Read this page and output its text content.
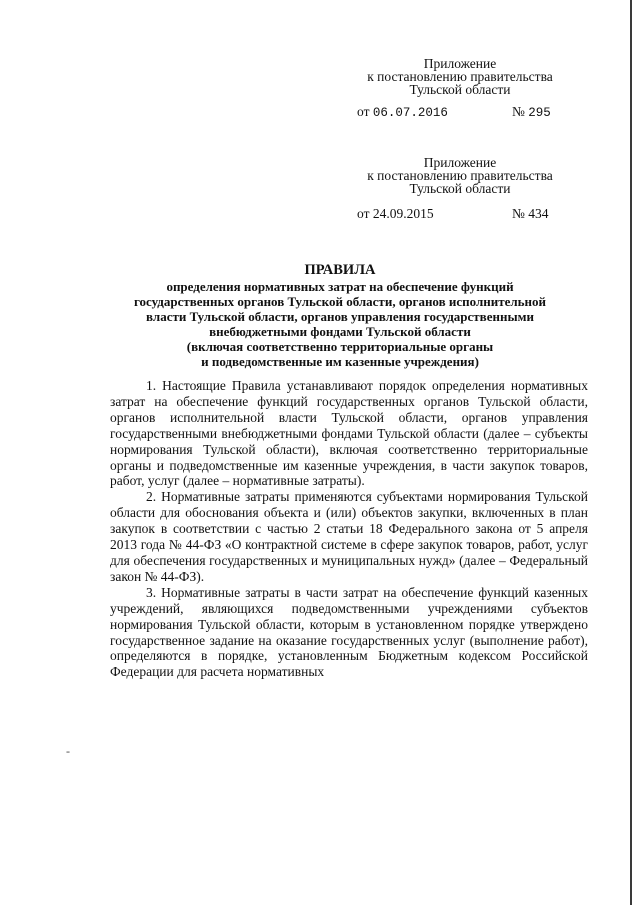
Приложение
к постановлению правительства
Тульской области
от 06.07.2016	№ 295
Приложение
к постановлению правительства
Тульской области
от 24.09.2015	№ 434
ПРАВИЛА
определения нормативных затрат на обеспечение функций
государственных органов Тульской области, органов исполнительной
власти Тульской области, органов управления государственными
внебюджетными фондами Тульской области
(включая соответственно территориальные органы
и подведомственные им казенные учреждения)

1. Настоящие Правила устанавливают порядок определения нормативных затрат на обеспечение функций государственных органов Тульской области, органов исполнительной власти Тульской области, органов управления государственными внебюджетными фондами Тульской области (далее – субъекты нормирования Тульской области), включая соответственно территориальные органы и подведомственные им казенные учреждения, в части закупок товаров, работ, услуг (далее – нормативные затраты).

2. Нормативные затраты применяются субъектами нормирования Тульской области для обоснования объекта и (или) объектов закупки, включенных в план закупок в соответствии с частью 2 статьи 18 Федерального закона от 5 апреля 2013 года № 44-ФЗ «О контрактной системе в сфере закупок товаров, работ, услуг для обеспечения государственных и муниципальных нужд» (далее – Федеральный закон № 44-ФЗ).

3. Нормативные затраты в части затрат на обеспечение функций казенных учреждений, являющихся подведомственными учреждениями субъектов нормирования Тульской области, которым в установленном порядке утверждено государственное задание на оказание государственных услуг (выполнение работ), определяются в порядке, установленным Бюджетным кодексом Российской Федерации для расчета нормативных

-
